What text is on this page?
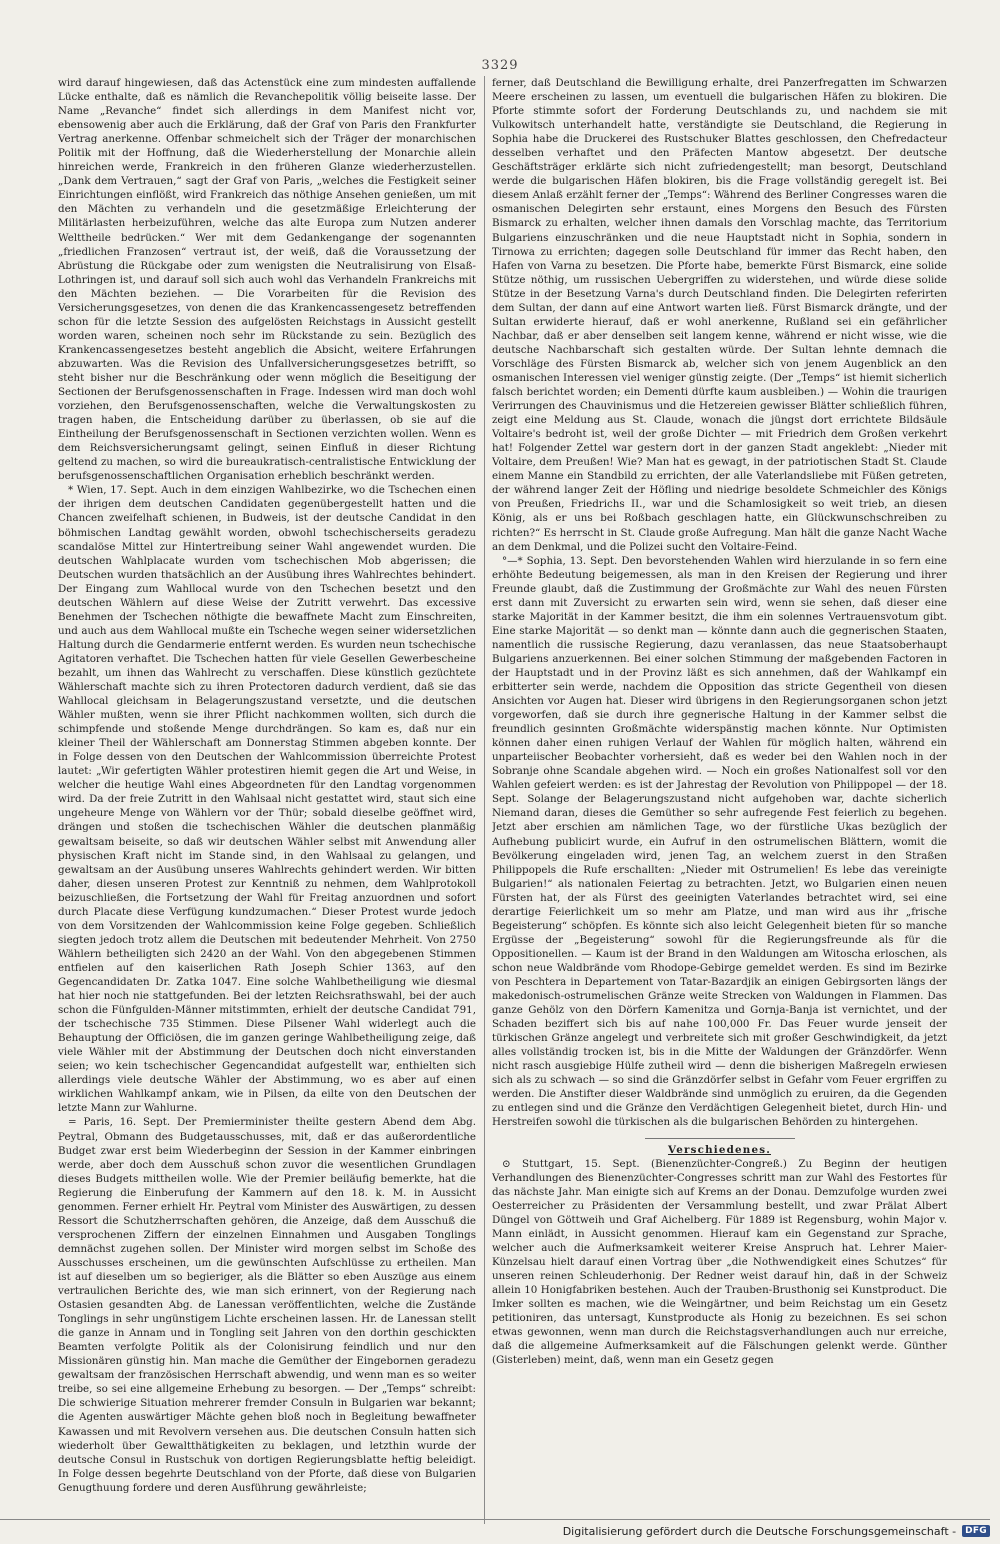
3329

wird darauf hingewiesen, daß das Actenstück eine zum mindesten auffallende Lücke enthalte, daß es nämlich die Revanchepolitik völlig beiseite lasse. Der Name „Revanche“ findet sich allerdings in dem Manifest nicht vor, ebensowenig aber auch die Erklärung, daß der Graf von Paris den Frankfurter Vertrag anerkenne. Offenbar schmeichelt sich der Träger der monarchischen Politik mit der Hoffnung, daß die Wiederherstellung der Monarchie allein hinreichen werde, Frankreich in den früheren Glanze wiederherzustellen. „Dank dem Vertrauen,“ sagt der Graf von Paris, „welches die Festigkeit seiner Einrichtungen einflößt, wird Frankreich das nöthige Ansehen genießen, um mit den Mächten zu verhandeln und die gesetzmäßige Erleichterung der Militärlasten herbeizuführen, welche das alte Europa zum Nutzen anderer Welttheile bedrücken.“ Wer mit dem Gedankengange der sogenannten „friedlichen Franzosen“ vertraut ist, der weiß, daß die Voraussetzung der Abrüstung die Rückgabe oder zum wenigsten die Neutralisirung von Elsaß-Lothringen ist, und darauf soll sich auch wohl das Verhandeln Frankreichs mit den Mächten beziehen. — Die Vorarbeiten für die Revision des Versicherungsgesetzes, von denen die das Krankencassengesetz betreffenden schon für die letzte Session des aufgelösten Reichstags in Aussicht gestellt worden waren, scheinen noch sehr im Rückstande zu sein. Bezüglich des Krankencassengesetzes besteht angeblich die Absicht, weitere Erfahrungen abzuwarten. Was die Revision des Unfallversicherungsgesetzes betrifft, so steht bisher nur die Beschränkung oder wenn möglich die Beseitigung der Sectionen der Berufsgenossenschaften in Frage. Indessen wird man doch wohl vorziehen, den Berufsgenossenschaften, welche die Verwaltungskosten zu tragen haben, die Entscheidung darüber zu überlassen, ob sie auf die Eintheilung der Berufsgenossenschaft in Sectionen verzichten wollen. Wenn es dem Reichsversicherungsamt gelingt, seinen Einfluß in dieser Richtung geltend zu machen, so wird die bureaukratisch-centralistische Entwicklung der berufsgenossenschaftlichen Organisation erheblich beschränkt werden.

* Wien, 17. Sept. Auch in dem einzigen Wahlbezirke, wo die Tschechen einen der ihrigen dem deutschen Candidaten gegenübergestellt hatten und die Chancen zweifelhaft schienen, in Budweis, ist der deutsche Candidat in den böhmischen Landtag gewählt worden, obwohl tschechischerseits geradezu scandalöse Mittel zur Hintertreibung seiner Wahl angewendet wurden. Die deutschen Wahlplacate wurden vom tschechischen Mob abgerissen; die Deutschen wurden thatsächlich an der Ausübung ihres Wahlrechtes behindert. Der Eingang zum Wahllocal wurde von den Tschechen besetzt und den deutschen Wählern auf diese Weise der Zutritt verwehrt. Das excessive Benehmen der Tschechen nöthigte die bewaffnete Macht zum Einschreiten, und auch aus dem Wahllocal mußte ein Tscheche wegen seiner widersetzlichen Haltung durch die Gendarmerie entfernt werden. Es wurden neun tschechische Agitatoren verhaftet. Die Tschechen hatten für viele Gesellen Gewerbescheine bezahlt, um ihnen das Wahlrecht zu verschaffen. Diese künstlich gezüchtete Wählerschaft machte sich zu ihren Protectoren dadurch verdient, daß sie das Wahllocal gleichsam in Belagerungszustand versetzte, und die deutschen Wähler mußten, wenn sie ihrer Pflicht nachkommen wollten, sich durch die schimpfende und stoßende Menge durchdrängen. So kam es, daß nur ein kleiner Theil der Wählerschaft am Donnerstag Stimmen abgeben konnte. Der in Folge dessen von den Deutschen der Wahlcommission überreichte Protest lautet: „Wir gefertigten Wähler protestiren hiemit gegen die Art und Weise, in welcher die heutige Wahl eines Abgeordneten für den Landtag vorgenommen wird. Da der freie Zutritt in den Wahlsaal nicht gestattet wird, staut sich eine ungeheure Menge von Wählern vor der Thür; sobald dieselbe geöffnet wird, drängen und stoßen die tschechischen Wähler die deutschen planmäßig gewaltsam beiseite, so daß wir deutschen Wähler selbst mit Anwendung aller physischen Kraft nicht im Stande sind, in den Wahlsaal zu gelangen, und gewaltsam an der Ausübung unseres Wahlrechts gehindert werden. Wir bitten daher, diesen unseren Protest zur Kenntniß zu nehmen, dem Wahlprotokoll beizuschließen, die Fortsetzung der Wahl für Freitag anzuordnen und sofort durch Placate diese Verfügung kundzumachen.“ Dieser Protest wurde jedoch von dem Vorsitzenden der Wahlcommission keine Folge gegeben. Schließlich siegten jedoch trotz allem die Deutschen mit bedeutender Mehrheit. Von 2750 Wählern betheiligten sich 2420 an der Wahl. Von den abgegebenen Stimmen entfielen auf den kaiserlichen Rath Joseph Schier 1363, auf den Gegencandidaten Dr. Zatka 1047. Eine solche Wahlbetheiligung wie diesmal hat hier noch nie stattgefunden. Bei der letzten Reichsrathswahl, bei der auch schon die Fünfgulden-Männer mitstimmten, erhielt der deutsche Candidat 791, der tschechische 735 Stimmen. Diese Pilsener Wahl widerlegt auch die Behauptung der Officiösen, die im ganzen geringe Wahlbetheiligung zeige, daß viele Wähler mit der Abstimmung der Deutschen doch nicht einverstanden seien; wo kein tschechischer Gegencandidat aufgestellt war, enthielten sich allerdings viele deutsche Wähler der Abstimmung, wo es aber auf einen wirklichen Wahlkampf ankam, wie in Pilsen, da eilte von den Deutschen der letzte Mann zur Wahlurne.

= Paris, 16. Sept. Der Premierminister theilte gestern Abend dem Abg. Peytral, Obmann des Budgetausschusses, mit, daß er das außerordentliche Budget zwar erst beim Wiederbeginn der Session in der Kammer einbringen werde, aber doch dem Ausschuß schon zuvor die wesentlichen Grundlagen dieses Budgets mittheilen wolle. Wie der Premier beiläufig bemerkte, hat die Regierung die Einberufung der Kammern auf den 18. k. M. in Aussicht genommen. Ferner erhielt Hr. Peytral vom Minister des Auswärtigen, zu dessen Ressort die Schutzherrschaften gehören, die Anzeige, daß dem Ausschuß die versprochenen Ziffern der einzelnen Einnahmen und Ausgaben Tonglings demnächst zugehen sollen. Der Minister wird morgen selbst im Schoße des Ausschusses erscheinen, um die gewünschten Aufschlüsse zu ertheilen. Man ist auf dieselben um so begieriger, als die Blätter so eben Auszüge aus einem vertraulichen Berichte des, wie man sich erinnert, von der Regierung nach Ostasien gesandten Abg. de Lanessan veröffentlichten, welche die Zustände Tonglings in sehr ungünstigem Lichte erscheinen lassen. Hr. de Lanessan stellt die ganze in Annam und in Tongling seit Jahren von den dorthin geschickten Beamten verfolgte Politik als der Colonisirung feindlich und nur den Missionären günstig hin. Man mache die Gemüther der Eingebornen geradezu gewaltsam der französischen Herrschaft abwendig, und wenn man es so weiter treibe, so sei eine allgemeine Erhebung zu besorgen. — Der „Temps“ schreibt: Die schwierige Situation mehrerer fremder Consuln in Bulgarien war bekannt; die Agenten auswärtiger Mächte gehen bloß noch in Begleitung bewaffneter Kawassen und mit Revolvern versehen aus. Die deutschen Consuln hatten sich wiederholt über Gewaltthätigkeiten zu beklagen, und letzthin wurde der deutsche Consul in Rustschuk von dortigen Regierungsblatte heftig beleidigt. In Folge dessen begehrte Deutschland von der Pforte, daß diese von Bulgarien Genugthuung fordere und deren Ausführung gewährleiste;

ferner, daß Deutschland die Bewilligung erhalte, drei Panzerfregatten im Schwarzen Meere erscheinen zu lassen, um eventuell die bulgarischen Häfen zu blokiren. Die Pforte stimmte sofort der Forderung Deutschlands zu, und nachdem sie mit Vulkowitsch unterhandelt hatte, verständigte sie Deutschland, die Regierung in Sophia habe die Druckerei des Rustschuker Blattes geschlossen, den Chefredacteur desselben verhaftet und den Präfecten Mantow abgesetzt. Der deutsche Geschäftsträger erklärte sich nicht zufriedengestellt; man besorgt, Deutschland werde die bulgarischen Häfen blokiren, bis die Frage vollständig geregelt ist. Bei diesem Anlaß erzählt ferner der „Temps“: Während des Berliner Congresses waren die osmanischen Delegirten sehr erstaunt, eines Morgens den Besuch des Fürsten Bismarck zu erhalten, welcher ihnen damals den Vorschlag machte, das Territorium Bulgariens einzuschränken und die neue Hauptstadt nicht in Sophia, sondern in Tirnowa zu errichten; dagegen solle Deutschland für immer das Recht haben, den Hafen von Varna zu besetzen. Die Pforte habe, bemerkte Fürst Bismarck, eine solide Stütze nöthig, um russischen Uebergriffen zu widerstehen, und würde diese solide Stütze in der Besetzung Varna's durch Deutschland finden. Die Delegirten referirten dem Sultan, der dann auf eine Antwort warten ließ. Fürst Bismarck drängte, und der Sultan erwiderte hierauf, daß er wohl anerkenne, Rußland sei ein gefährlicher Nachbar, daß er aber denselben seit langem kenne, während er nicht wisse, wie die deutsche Nachbarschaft sich gestalten würde. Der Sultan lehnte demnach die Vorschläge des Fürsten Bismarck ab, welcher sich von jenem Augenblick an den osmanischen Interessen viel weniger günstig zeigte. (Der „Temps“ ist hiemit sicherlich falsch berichtet worden; ein Dementi dürfte kaum ausbleiben.) — Wohin die traurigen Verirrungen des Chauvinismus und die Hetzereien gewisser Blätter schließlich führen, zeigt eine Meldung aus St. Claude, wonach die jüngst dort errichtete Bildsäule Voltaire's bedroht ist, weil der große Dichter — mit Friedrich dem Großen verkehrt hat! Folgender Zettel war gestern dort in der ganzen Stadt angeklebt: „Nieder mit Voltaire, dem Preußen! Wie? Man hat es gewagt, in der patriotischen Stadt St. Claude einem Manne ein Standbild zu errichten, der alle Vaterlandsliebe mit Füßen getreten, der während langer Zeit der Höfling und niedrige besoldete Schmeichler des Königs von Preußen, Friedrichs II., war und die Schamlosigkeit so weit trieb, an diesen König, als er uns bei Roßbach geschlagen hatte, ein Glückwunschschreiben zu richten?“ Es herrscht in St. Claude große Aufregung. Man hält die ganze Nacht Wache an dem Denkmal, und die Polizei sucht den Voltaire-Feind.

°—* Sophia, 13. Sept. Den bevorstehenden Wahlen wird hierzulande in so fern eine erhöhte Bedeutung beigemessen, als man in den Kreisen der Regierung und ihrer Freunde glaubt, daß die Zustimmung der Großmächte zur Wahl des neuen Fürsten erst dann mit Zuversicht zu erwarten sein wird, wenn sie sehen, daß dieser eine starke Majorität in der Kammer besitzt, die ihm ein solennes Vertrauensvotum gibt. Eine starke Majorität — so denkt man — könnte dann auch die gegnerischen Staaten, namentlich die russische Regierung, dazu veranlassen, das neue Staatsoberhaupt Bulgariens anzuerkennen. Bei einer solchen Stimmung der maßgebenden Factoren in der Hauptstadt und in der Provinz läßt es sich annehmen, daß der Wahlkampf ein erbitterter sein werde, nachdem die Opposition das stricte Gegentheil von diesen Ansichten vor Augen hat. Dieser wird übrigens in den Regierungsorganen schon jetzt vorgeworfen, daß sie durch ihre gegnerische Haltung in der Kammer selbst die freundlich gesinnten Großmächte widerspänstig machen könnte. Nur Optimisten können daher einen ruhigen Verlauf der Wahlen für möglich halten, während ein unparteiischer Beobachter vorhersieht, daß es weder bei den Wahlen noch in der Sobranje ohne Scandale abgehen wird. — Noch ein großes Nationalfest soll vor den Wahlen gefeiert werden: es ist der Jahrestag der Revolution von Philippopel — der 18. Sept. Solange der Belagerungszustand nicht aufgehoben war, dachte sicherlich Niemand daran, dieses die Gemüther so sehr aufregende Fest feierlich zu begehen. Jetzt aber erschien am nämlichen Tage, wo der fürstliche Ukas bezüglich der Aufhebung publicirt wurde, ein Aufruf in den ostrumelischen Blättern, womit die Bevölkerung eingeladen wird, jenen Tag, an welchem zuerst in den Straßen Philippopels die Rufe erschallten: „Nieder mit Ostrumelien! Es lebe das vereinigte Bulgarien!“ als nationalen Feiertag zu betrachten. Jetzt, wo Bulgarien einen neuen Fürsten hat, der als Fürst des geeinigten Vaterlandes betrachtet wird, sei eine derartige Feierlichkeit um so mehr am Platze, und man wird aus ihr „frische Begeisterung“ schöpfen. Es könnte sich also leicht Gelegenheit bieten für so manche Ergüsse der „Begeisterung“ sowohl für die Regierungsfreunde als für die Oppositionellen. — Kaum ist der Brand in den Waldungen am Witoscha erloschen, als schon neue Waldbrände vom Rhodope-Gebirge gemeldet werden. Es sind im Bezirke von Peschtera in Departement von Tatar-Bazardjik an einigen Gebirgsorten längs der makedonisch-ostrumelischen Gränze weite Strecken von Waldungen in Flammen. Das ganze Gehölz von den Dörfern Kamenitza und Gornja-Banja ist vernichtet, und der Schaden beziffert sich bis auf nahe 100,000 Fr. Das Feuer wurde jenseit der türkischen Gränze angelegt und verbreitete sich mit großer Geschwindigkeit, da jetzt alles vollständig trocken ist, bis in die Mitte der Waldungen der Gränzdörfer. Wenn nicht rasch ausgiebige Hülfe zutheil wird — denn die bisherigen Maßregeln erwiesen sich als zu schwach — so sind die Gränzdörfer selbst in Gefahr vom Feuer ergriffen zu werden. Die Anstifter dieser Waldbrände sind unmöglich zu eruiren, da die Gegenden zu entlegen sind und die Gränze den Verdächtigen Gelegenheit bietet, durch Hin- und Herstreifen sowohl die türkischen als die bulgarischen Behörden zu hintergehen.

Verschiedenes.

⊙ Stuttgart, 15. Sept. (Bienenzüchter-Congreß.) Zu Beginn der heutigen Verhandlungen des Bienenzüchter-Congresses schritt man zur Wahl des Festortes für das nächste Jahr. Man einigte sich auf Krems an der Donau. Demzufolge wurden zwei Oesterreicher zu Präsidenten der Versammlung bestellt, und zwar Prälat Albert Düngel von Göttweih und Graf Aichelberg. Für 1889 ist Regensburg, wohin Major v. Mann einlädt, in Aussicht genommen. Hierauf kam ein Gegenstand zur Sprache, welcher auch die Aufmerksamkeit weiterer Kreise Anspruch hat. Lehrer Maier-Künzelsau hielt darauf einen Vortrag über „die Nothwendigkeit eines Schutzes“ für unseren reinen Schleuderhonig. Der Redner weist darauf hin, daß in der Schweiz allein 10 Honigfabriken bestehen. Auch der Trauben-Brusthonig sei Kunstproduct. Die Imker sollten es machen, wie die Weingärtner, und beim Reichstag um ein Gesetz petitioniren, das untersagt, Kunstproducte als Honig zu bezeichnen. Es sei schon etwas gewonnen, wenn man durch die Reichstagsverhandlungen auch nur erreiche, daß die allgemeine Aufmerksamkeit auf die Fälschungen gelenkt werde. Günther (Gisterleben) meint, daß, wenn man ein Gesetz gegen

Digitalisierung gefördert durch die Deutsche Forschungsgemeinschaft -	DFG
